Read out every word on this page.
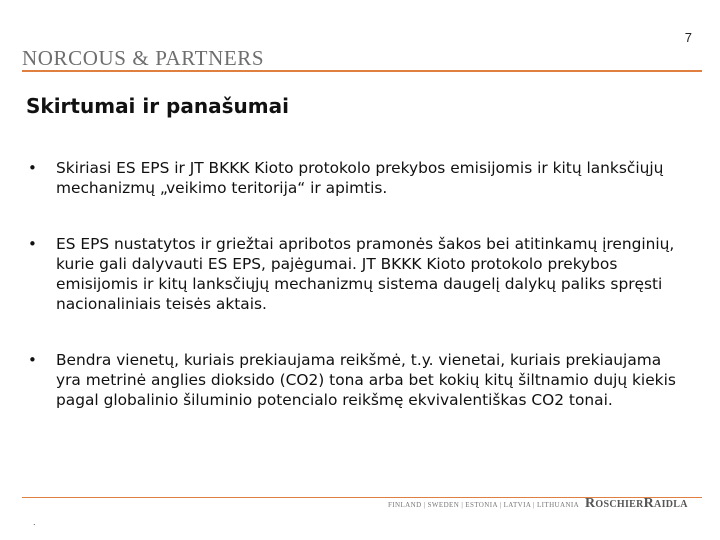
7
NORCOUS & PARTNERS
Skirtumai ir panašumai
• Skiriasi ES EPS ir JT BKKK Kioto protokolo prekybos emisijomis ir kitų lanksčiųjų mechanizmų „veikimo teritorija“ ir apimtis.
• ES EPS nustatytos ir griežtai apribotos pramonės šakos bei atitinkamų įrenginių, kurie gali dalyvauti ES EPS, pajėgumai. JT BKKK Kioto protokolo prekybos emisijomis ir kitų lanksčiųjų mechanizmų sistema daugelį dalykų paliks spręsti nacionaliniais teisės aktais.
• Bendra vienetų, kuriais prekiaujama reikšmė, t.y. vienetai, kuriais prekiaujama yra metrinė anglies dioksido (CO2) tona arba bet kokių kitų šiltnamio dujų kiekis pagal globalinio šiluminio potencialo reikšmę ekvivalentiškas CO2 tonai.
FINLAND | SWEDEN | ESTONIA | LATVIA | LITHUANIA RoschierRaidla
.
